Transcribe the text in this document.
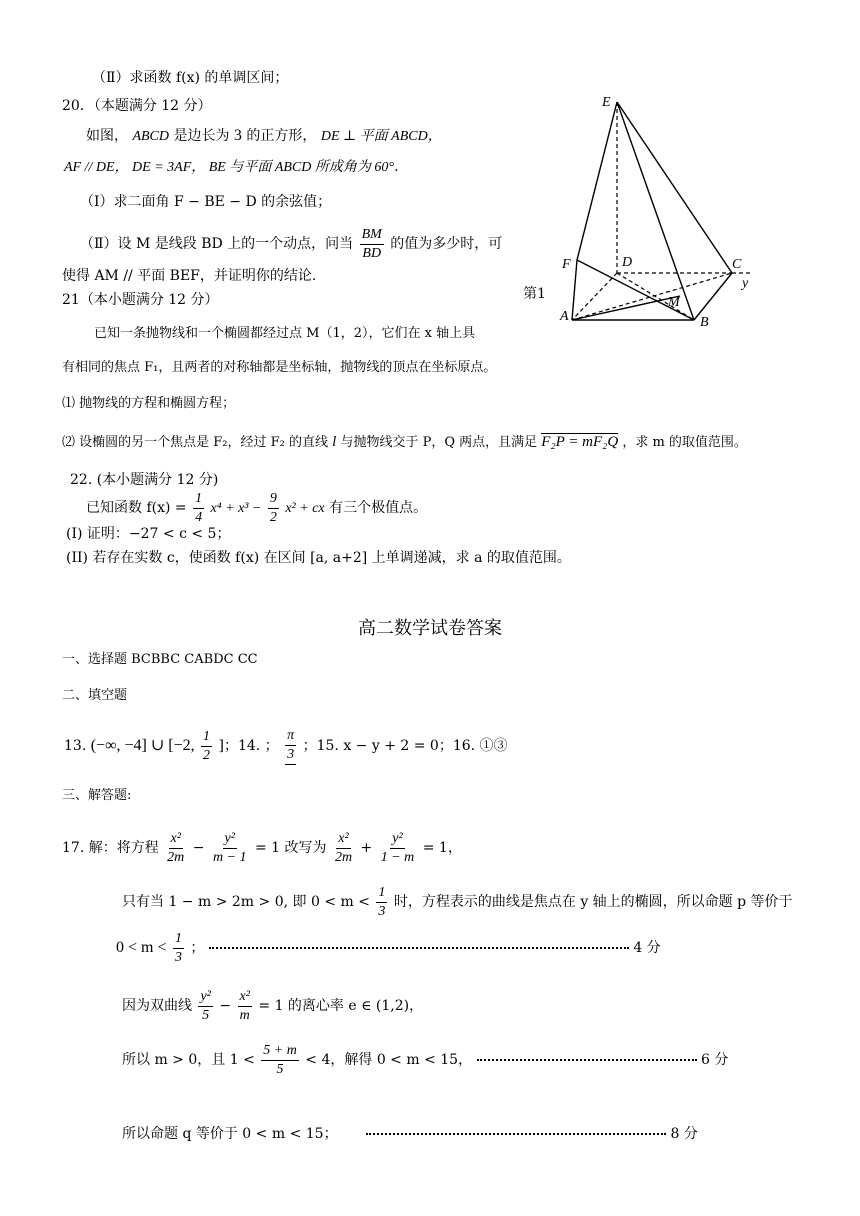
（Ⅱ）求函数 f(x) 的单调区间；
20．（本题满分 12 分）
如图， ABCD 是边长为 3 的正方形， DE ⊥ 平面 ABCD，
AF // DE， DE = 3AF， BE 与平面 ABCD 所成角为 60°．
（Ⅰ）求二面角 F − BE − D 的余弦值；
（Ⅱ）设 M 是线段 BD 上的一个动点，问当 $\frac{BM}{BD}$ 的值为多少时，可
使得 AM // 平面 BEF，并证明你的结论.
E
F	D	C
y
A
M
B
第1
21（本小题满分 12 分）
已知一条抛物线和一个椭圆都经过点 M（1，2），它们在 x 轴上具
有相同的焦点 F₁，且两者的对称轴都是坐标轴，抛物线的顶点在坐标原点。
⑴ 抛物线的方程和椭圆方程；
⑵ 设椭圆的另一个焦点是 F₂，经过 F₂ 的直线 l 与抛物线交于 P，Q 两点，且满足 F₂P = mF₂Q ，求 m 的取值范围。
22. (本小题满分 12 分)
已知函数 $f(x) = \frac{1}{4} x^4 + x^3 - \frac{9}{2} x^2$ + cx 有三个极值点。
(I) 证明：−27 < c < 5；
(II) 若存在实数 c，使函数 f(x) 在区间 [a, a+2] 上单调递减，求 a 的取值范围。
高二数学试卷答案
一、选择题 BCBBC CABDC CC
二、填空题
13. (−∞, −4] ∪ [−2, $\frac{1}{2}$ ]；14. ； $\frac{\pi}{3}$ ；15. x − y + 2 = 0；16. ①③
三、解答题:
17. 解：将方程 $\frac{\text{x²}}{2m} - \frac{\text{y²}}{m - 1} = 1$ 改写为 $\frac{\text{x²}}{2m} + \frac{\text{y²}}{1 - m} = 1$，
只有当 1 − m > 2m > 0, 即 $0 < m < \frac{1}{3}$ 时，方程表示的曲线是焦点在 y 轴上的椭圆，所以命题 p 等价于
$0 < m < \frac{1}{3}$ ；	4 分
因为双曲线 $\frac{\text{y²}}{5} - \frac{\text{x²}}{m} = 1$ 的离心率 e ∈ (1,2)，
所以 m > 0，且 $1 < \frac{5 + m}{5} < 4$，解得 0 < m < 15，	6 分
所以命题 q 等价于 0 < m < 15；	8 分
